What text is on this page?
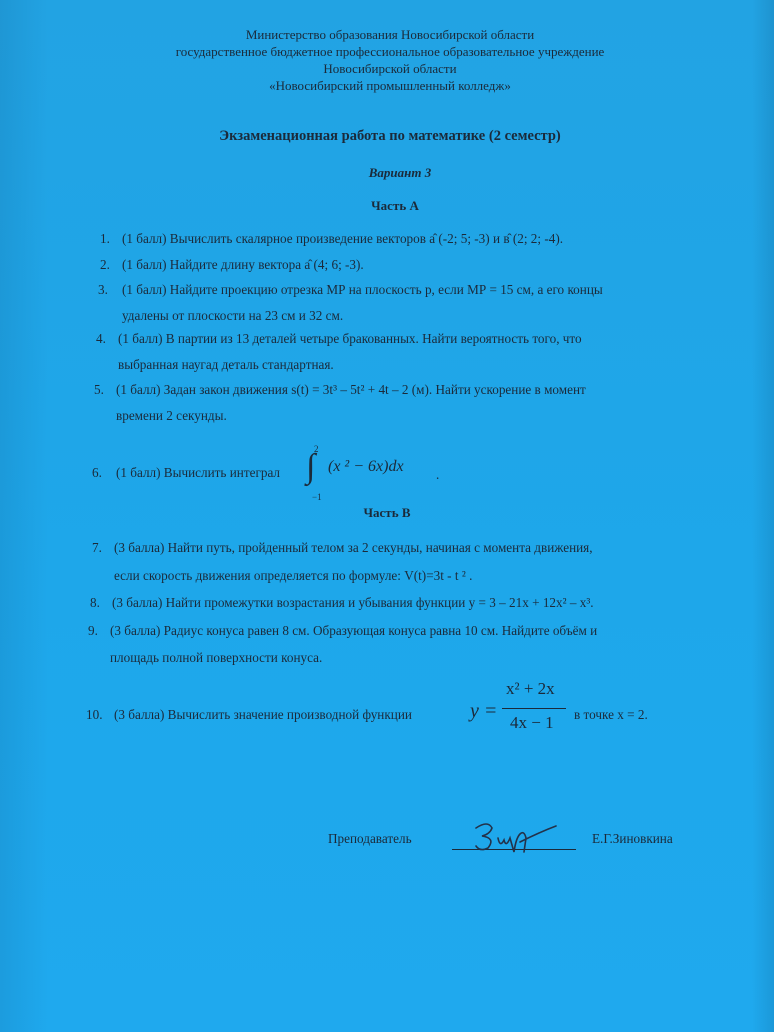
Министерство образования Новосибирской области
государственное бюджетное профессиональное образовательное учреждение
Новосибирской области
«Новосибирский промышленный колледж»
Экзаменационная работа по математике (2 семестр)
Вариант 3
Часть А
1. (1 балл) Вычислить скалярное произведение векторов а̂ (-2; 5; -3) и в̂ (2; 2; -4).
2. (1 балл) Найдите длину вектора а̂ (4; 6; -3).
3. (1 балл) Найдите проекцию отрезка МР на плоскость р, если МР = 15 см, а его концы
удалены от плоскости на 23 см и 32 см.
4. (1 балл) В партии из 13 деталей четыре бракованных. Найти вероятность того, что
выбранная наугад деталь стандартная.
5. (1 балл) Задан закон движения s(t) = 3t³ – 5t² + 4t – 2 (м). Найти ускорение в момент
времени 2 секунды.
6. (1 балл) Вычислить интеграл
2
∫
−1
(x ² − 6x)dx .
Часть В
7. (3 балла) Найти путь, пройденный телом за 2 секунды, начиная с момента движения,
если скорость движения определяется по формуле: V(t)=3t - t ² .
8. (3 балла) Найти промежутки возрастания и убывания функции у = 3 – 21х + 12х² – х³.
9. (3 балла) Радиус конуса равен 8 см. Образующая конуса равна 10 см. Найдите объём и
площадь полной поверхности конуса.
10. (3 балла) Вычислить значение производной функции	y =
x² + 2x
4x − 1 в точке х = 2.
Преподаватель	Е.Г.Зиновкина
